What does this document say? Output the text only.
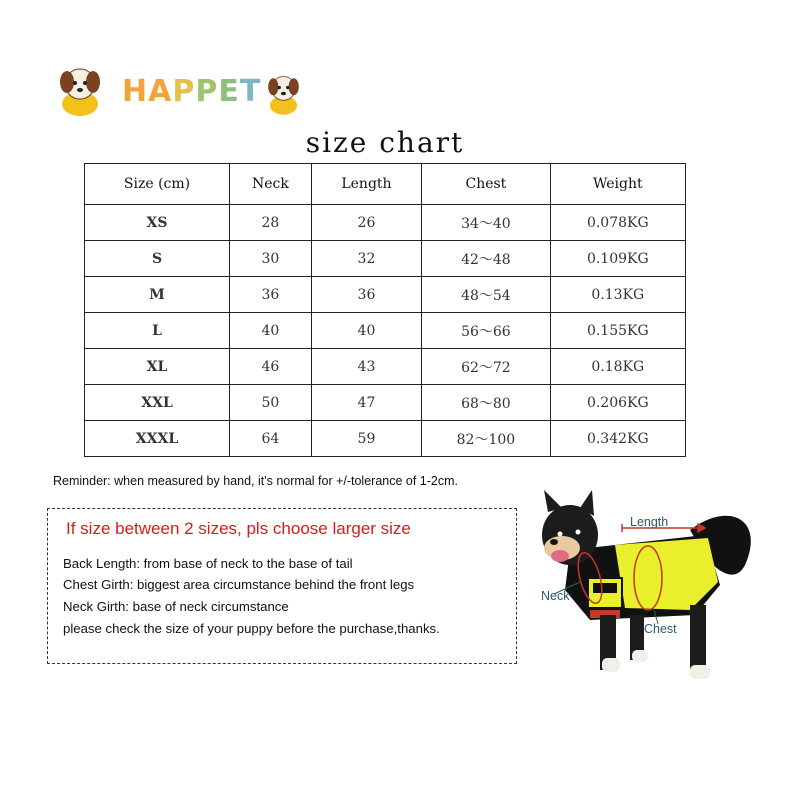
HAPPET
size chart
Size (cm)	Neck	Length	Chest	Weight
XS	28	26	34～40	0.078KG
S	30	32	42～48	0.109KG
M	36	36	48～54	0.13KG
L	40	40	56～66	0.155KG
XL	46	43	62～72	0.18KG
XXL	50	47	68～80	0.206KG
XXXL	64	59	82～100	0.342KG
Reminder: when measured by hand, it's normal for +/-tolerance of 1-2cm.
If size between 2 sizes, pls choose larger size
Back Length: from base of neck to the base of tail
Chest Girth: biggest area circumstance behind the front legs
Neck Girth: base of neck circumstance
please check the size of your puppy before the purchase,thanks.
Length
Neck
Chest
